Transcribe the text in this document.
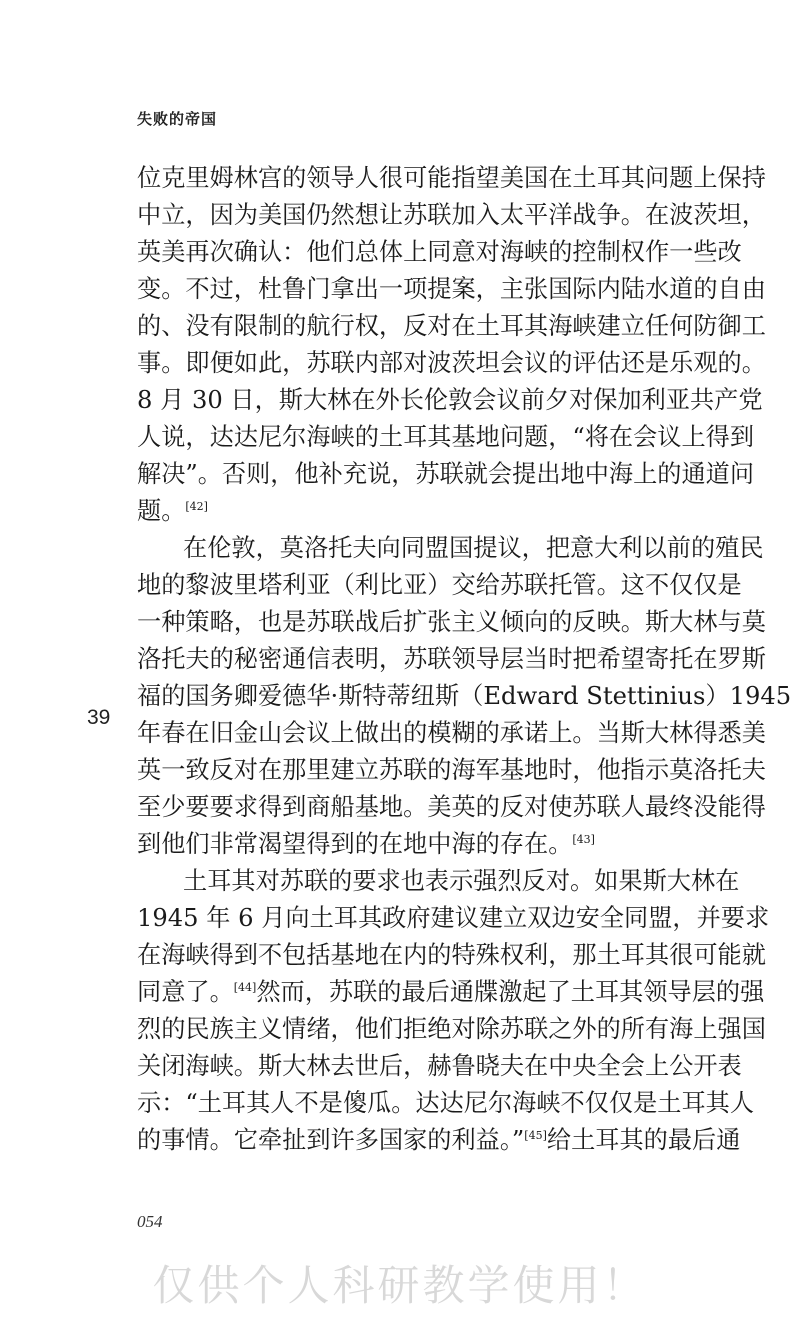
失败的帝国
39
位克里姆林宫的领导人很可能指望美国在土耳其问题上保持
中立，因为美国仍然想让苏联加入太平洋战争。在波茨坦，
英美再次确认：他们总体上同意对海峡的控制权作一些改
变。不过，杜鲁门拿出一项提案，主张国际内陆水道的自由
的、没有限制的航行权，反对在土耳其海峡建立任何防御工
事。即便如此，苏联内部对波茨坦会议的评估还是乐观的。
8 月 30 日，斯大林在外长伦敦会议前夕对保加利亚共产党
人说，达达尼尔海峡的土耳其基地问题，“将在会议上得到
解决”。否则，他补充说，苏联就会提出地中海上的通道问
题。[42]
在伦敦，莫洛托夫向同盟国提议，把意大利以前的殖民
地的黎波里塔利亚（利比亚）交给苏联托管。这不仅仅是
一种策略，也是苏联战后扩张主义倾向的反映。斯大林与莫
洛托夫的秘密通信表明，苏联领导层当时把希望寄托在罗斯
福的国务卿爱德华·斯特蒂纽斯（Edward Stettinius）1945
年春在旧金山会议上做出的模糊的承诺上。当斯大林得悉美
英一致反对在那里建立苏联的海军基地时，他指示莫洛托夫
至少要要求得到商船基地。美英的反对使苏联人最终没能得
到他们非常渴望得到的在地中海的存在。[43]
土耳其对苏联的要求也表示强烈反对。如果斯大林在
1945 年 6 月向土耳其政府建议建立双边安全同盟，并要求
在海峡得到不包括基地在内的特殊权利，那土耳其很可能就
同意了。[44]然而，苏联的最后通牒激起了土耳其领导层的强
烈的民族主义情绪，他们拒绝对除苏联之外的所有海上强国
关闭海峡。斯大林去世后，赫鲁晓夫在中央全会上公开表
示：“土耳其人不是傻瓜。达达尼尔海峡不仅仅是土耳其人
的事情。它牵扯到许多国家的利益。”[45]给土耳其的最后通
054
仅供个人科研教学使用！
